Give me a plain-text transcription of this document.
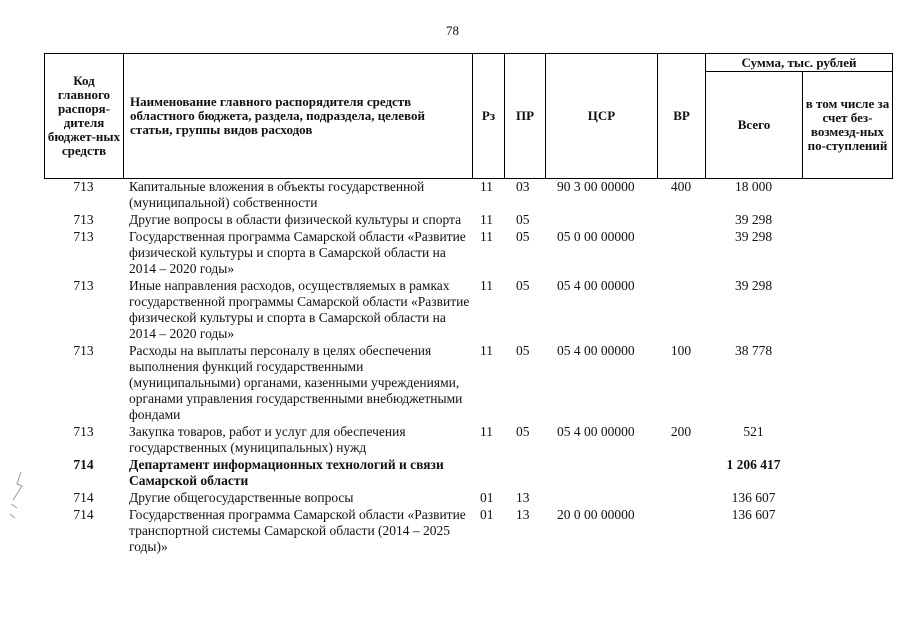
78
Код главного распоря-дителя бюджет-ных средств	Наименование главного распорядителя средств областного бюджета, раздела, подраздела, целевой статьи, группы видов расходов	Рз	ПР	ЦСР	ВР	Сумма, тыс. рублей	
						Всего	в том числе за счет без-возмезд-ных по-ступлений
713	Капитальные вложения в объекты государственной (муниципальной) собственности	11	03	90 3 00 00000	400	18 000	
713	Другие вопросы в области физической культуры и спорта	11	05			39 298	
713	Государственная программа Самарской области «Развитие физической культуры и спорта в Самарской области на 2014 – 2020 годы»	11	05	05 0 00 00000		39 298	
713	Иные направления расходов, осуществляемых в рамках государственной программы Самарской области «Развитие физической культуры и спорта в Самарской области на 2014 – 2020 годы»	11	05	05 4 00 00000		39 298	
713	Расходы на выплаты персоналу в целях обеспечения выполнения функций государственными (муниципальными) органами, казенными учреждениями, органами управления государственными внебюджетными фондами	11	05	05 4 00 00000	100	38 778	
713	Закупка товаров, работ и услуг для обеспечения государственных (муниципальных) нужд	11	05	05 4 00 00000	200	521	
714	Департамент информационных технологий и связи Самарской области					1 206 417	
714	Другие общегосударственные вопросы	01	13			136 607	
714	Государственная программа Самарской области «Развитие транспортной системы Самарской области (2014 – 2025 годы)»	01	13	20 0 00 00000		136 607	
